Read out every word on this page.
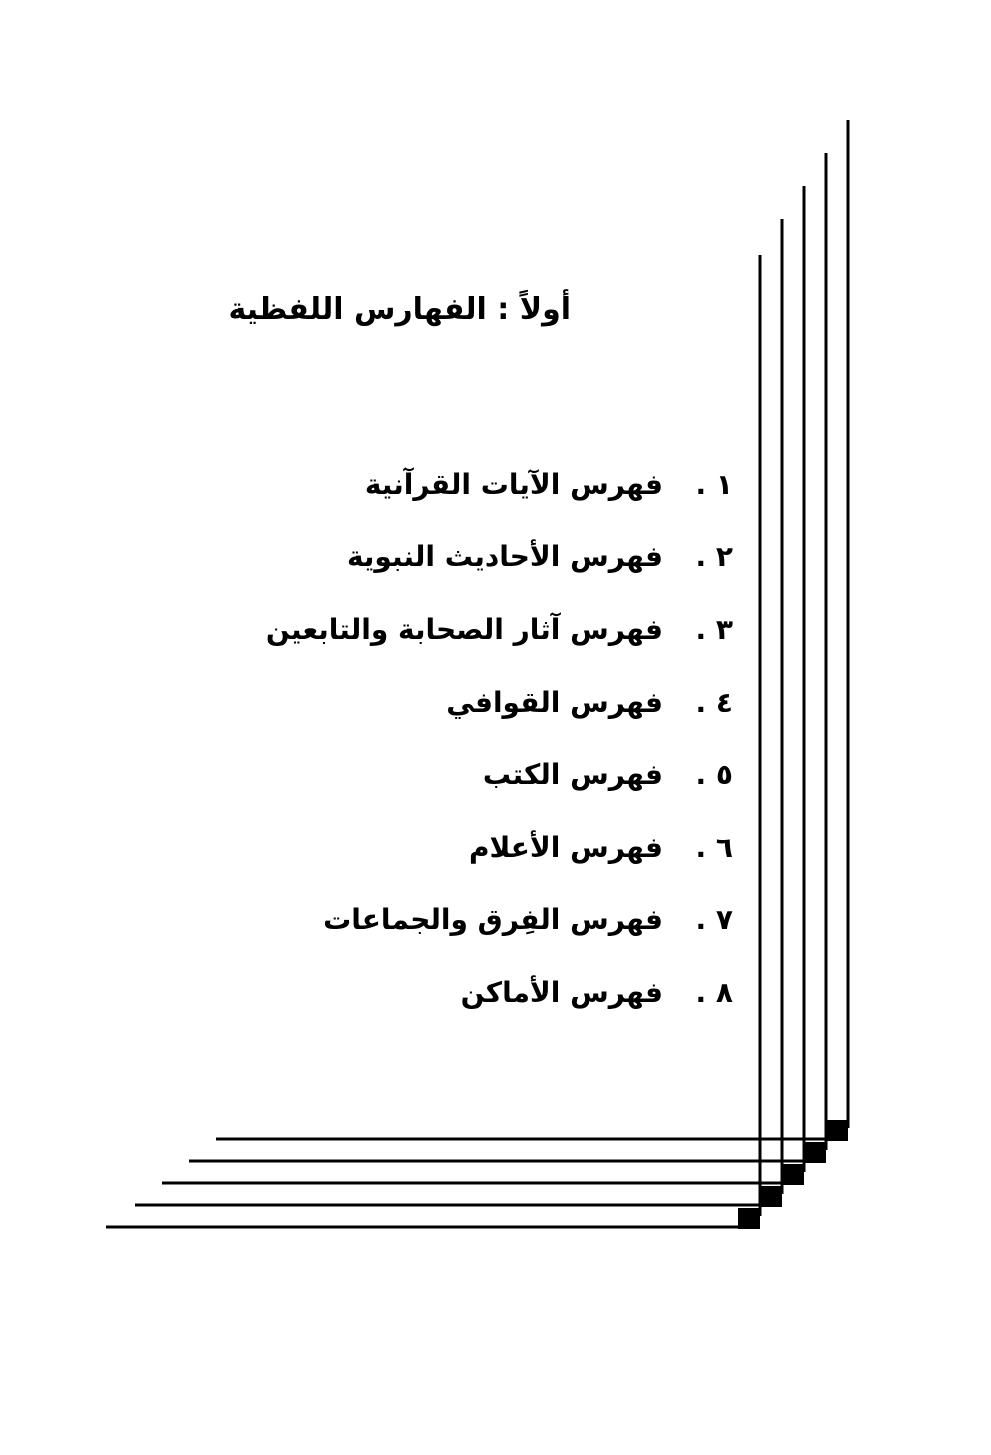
أولاً : الفهارس اللفظية
١ .
فهرس الآيات القرآنية
٢ .
فهرس الأحاديث النبوية
٣ .
فهرس آثار الصحابة والتابعين
٤ .
فهرس القوافي
٥ .
فهرس الكتب
٦ .
فهرس الأعلام
٧ .
فهرس الفِرق والجماعات
٨ .
فهرس الأماكن
